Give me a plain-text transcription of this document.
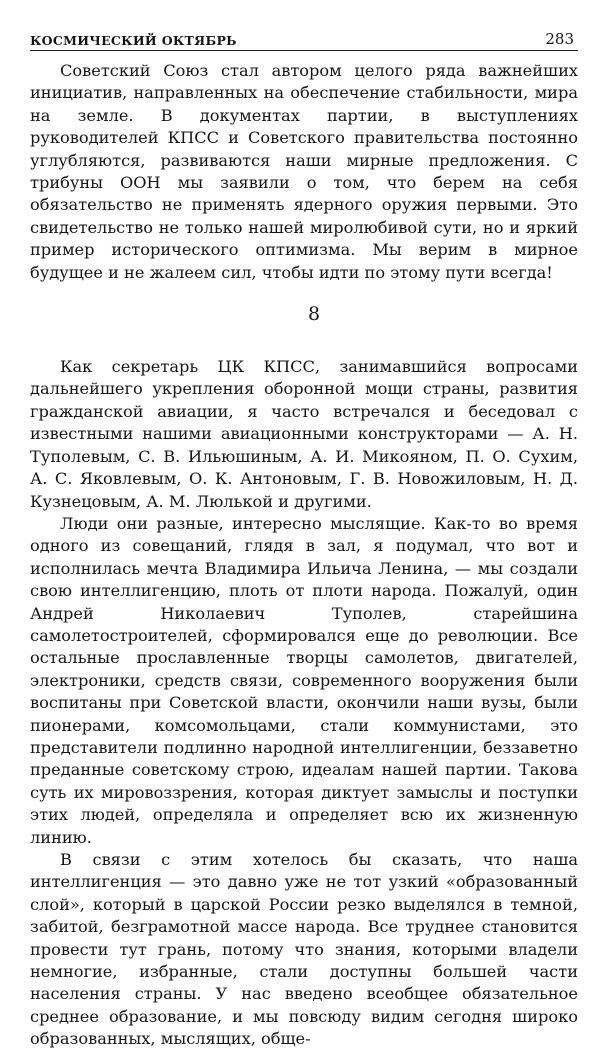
КОСМИЧЕСКИЙ ОКТЯБРЬ	283

Советский Союз стал автором целого ряда важнейших инициатив, направленных на обеспечение стабильности, мира на земле. В документах партии, в выступлениях руководителей КПСС и Советского правительства постоянно углубляются, развиваются наши мирные предложения. С трибуны ООН мы заявили о том, что берем на себя обязательство не применять ядерного оружия первыми. Это свидетельство не только нашей миролюбивой сути, но и яркий пример исторического оптимизма. Мы верим в мирное будущее и не жалеем сил, чтобы идти по этому пути всегда!

8

Как секретарь ЦК КПСС, занимавшийся вопросами дальнейшего укрепления оборонной мощи страны, развития гражданской авиации, я часто встречался и беседовал с известными нашими авиационными конструкторами — А. Н. Туполевым, С. В. Ильюшиным, А. И. Микояном, П. О. Сухим, А. С. Яковлевым, О. К. Антоновым, Г. В. Новожиловым, Н. Д. Кузнецовым, А. М. Люлькой и другими.

Люди они разные, интересно мыслящие. Как-то во время одного из совещаний, глядя в зал, я подумал, что вот и исполнилась мечта Владимира Ильича Ленина, — мы создали свою интеллигенцию, плоть от плоти народа. Пожалуй, один Андрей Николаевич Туполев, старейшина самолетостроителей, сформировался еще до революции. Все остальные прославленные творцы самолетов, двигателей, электроники, средств связи, современного вооружения были воспитаны при Советской власти, окончили наши вузы, были пионерами, комсомольцами, стали коммунистами, это представители подлинно народной интеллигенции, беззаветно преданные советскому строю, идеалам нашей партии. Такова суть их мировоззрения, которая диктует замыслы и поступки этих людей, определяла и определяет всю их жизненную линию.

В связи с этим хотелось бы сказать, что наша интеллигенция — это давно уже не тот узкий «образованный слой», который в царской России резко выделялся в темной, забитой, безграмотной массе народа. Все труднее становится провести тут грань, потому что знания, которыми владели немногие, избранные, стали доступны большей части населения страны. У нас введено всеобщее обязательное среднее образование, и мы повсюду видим сегодня широко образованных, мыслящих, обще-
